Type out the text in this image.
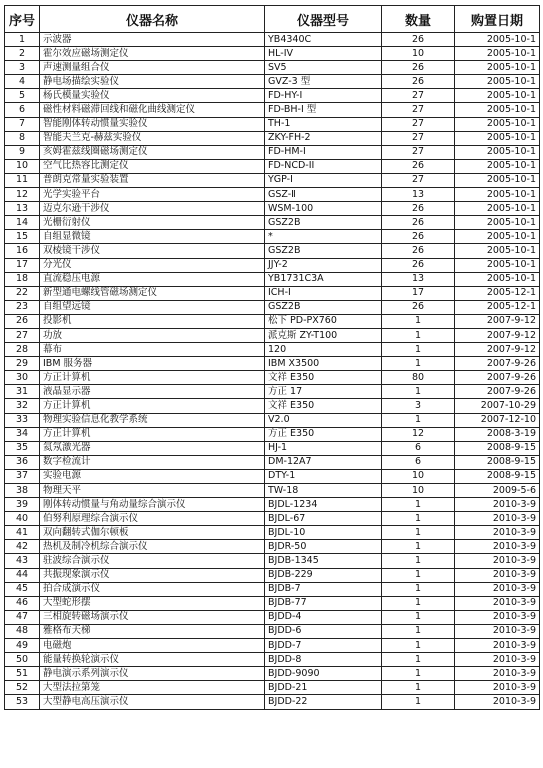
序号	仪器名称	仪器型号	数量	购置日期
1	示波器	YB4340C	26	2005-10-1
2	霍尔效应磁场测定仪	HL-IV	10	2005-10-1
3	声速测量组合仪	SV5	26	2005-10-1
4	静电场描绘实验仪	GVZ-3 型	26	2005-10-1
5	杨氏模量实验仪	FD-HY-I	27	2005-10-1
6	磁性材料磁滞回线和磁化曲线测定仪	FD-BH-I 型	27	2005-10-1
7	智能刚体转动惯量实验仪	TH-1	27	2005-10-1
8	智能夫兰克-赫兹实验仪	ZKY-FH-2	27	2005-10-1
9	亥姆霍兹线圈磁场测定仪	FD-HM-I	27	2005-10-1
10	空气比热容比测定仪	FD-NCD-II	26	2005-10-1
11	普朗克常量实验装置	YGP-Ⅰ	27	2005-10-1
12	光学实验平台	GSZ-Ⅱ	13	2005-10-1
13	迈克尔逊干涉仪	WSM-100	26	2005-10-1
14	光栅衍射仪	GSZ2B	26	2005-10-1
15	自组显微镜	*	26	2005-10-1
16	双棱镜干涉仪	GSZ2B	26	2005-10-1
17	分光仪	JJY-2	26	2005-10-1
18	直流稳压电源	YB1731C3A	13	2005-10-1
22	新型通电螺线管磁场测定仪	ICH-Ⅰ	17	2005-12-1
23	自组望远镜	GSZ2B	26	2005-12-1
26	投影机	松下 PD-PX760	1	2007-9-12
27	功放	派克斯 ZY-T100	1	2007-9-12
28	幕布	120	1	2007-9-12
29	IBM 服务器	IBM X3500	1	2007-9-26
30	方正计算机	文祥 E350	80	2007-9-26
31	液晶显示器	方正 17	1	2007-9-26
32	方正计算机	文祥 E350	3	2007-10-29
33	物理实验信息化教学系统	V2.0	1	2007-12-10
34	方正计算机	方正 E350	12	2008-3-19
35	氦氖激光器	HJ-1	6	2008-9-15
36	数字检流计	DM-12A7	6	2008-9-15
37	实验电源	DTY-1	10	2008-9-15
38	物理天平	TW-18	10	2009-5-6
39	刚体转动惯量与角动量综合演示仪	BJDL-1234	1	2010-3-9
40	伯努利原理综合演示仪	BJDL-67	1	2010-3-9
41	双向翻转式伽尔顿板	BJDL-10	1	2010-3-9
42	热机及制冷机综合演示仪	BJDR-50	1	2010-3-9
43	驻波综合演示仪	BJDB-1345	1	2010-3-9
44	共振现象演示仪	BJDB-229	1	2010-3-9
45	拍合成演示仪	BJDB-7	1	2010-3-9
46	大型蛇形摆	BJDB-77	1	2010-3-9
47	三相旋转磁场演示仪	BJDD-4	1	2010-3-9
48	雅格布天梯	BJDD-6	1	2010-3-9
49	电磁炮	BJDD-7	1	2010-3-9
50	能量转换轮演示仪	BJDD-8	1	2010-3-9
51	静电演示系列演示仪	BJDD-9090	1	2010-3-9
52	大型法拉第笼	BJDD-21	1	2010-3-9
53	大型静电高压演示仪	BJDD-22	1	2010-3-9
